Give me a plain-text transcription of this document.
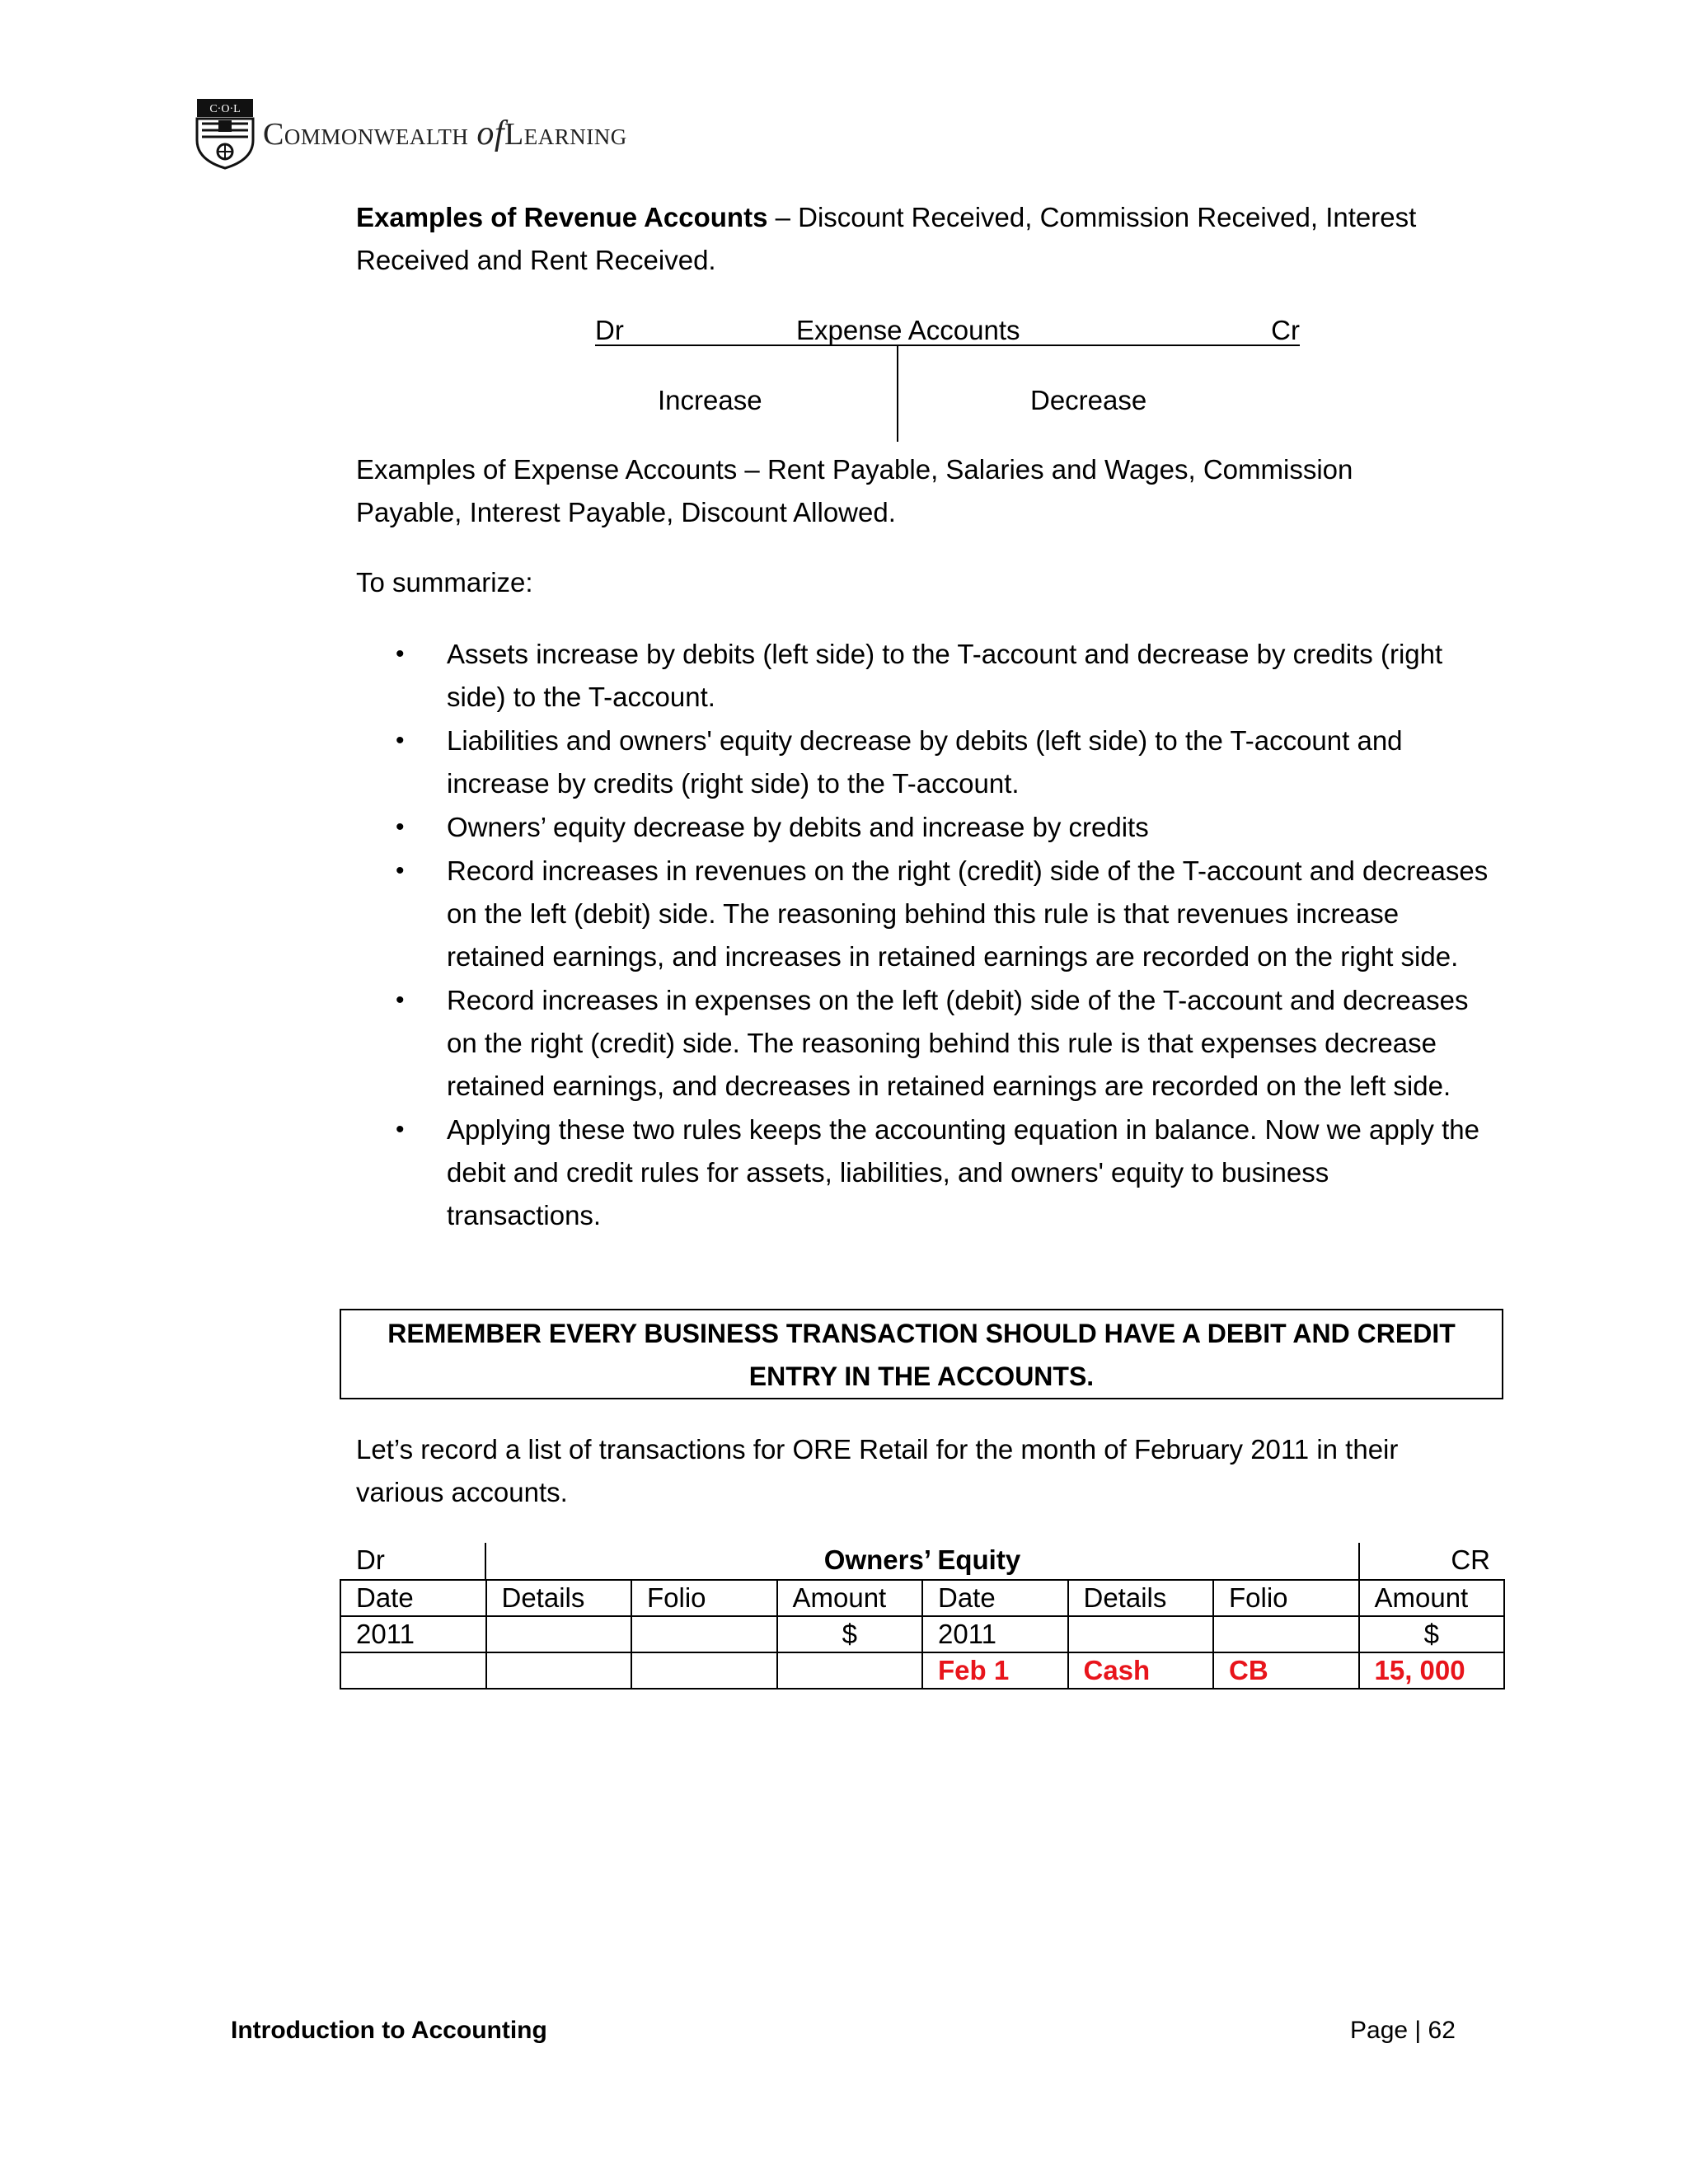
C·O·L
Commonwealth ofLearning
Examples of Revenue Accounts – Discount Received, Commission Received, Interest Received and Rent Received.
Dr	Expense Accounts	Cr
Increase	Decrease
Examples of Expense Accounts – Rent Payable, Salaries and Wages, Commission Payable, Interest Payable, Discount Allowed.
To summarize:
• Assets increase by debits (left side) to the T-account and decrease by credits (right side) to the T-account.
• Liabilities and owners' equity decrease by debits (left side) to the T-account and increase by credits (right side) to the T-account.
• Owners’ equity decrease by debits and increase by credits
• Record increases in revenues on the right (credit) side of the T-account and decreases on the left (debit) side. The reasoning behind this rule is that revenues increase retained earnings, and increases in retained earnings are recorded on the right side.
• Record increases in expenses on the left (debit) side of the T-account and decreases on the right (credit) side. The reasoning behind this rule is that expenses decrease retained earnings, and decreases in retained earnings are recorded on the left side.
• Applying these two rules keeps the accounting equation in balance. Now we apply the debit and credit rules for assets, liabilities, and owners' equity to business transactions.
REMEMBER EVERY BUSINESS TRANSACTION SHOULD HAVE A DEBIT AND CREDIT ENTRY IN THE ACCOUNTS.
Let’s record a list of transactions for ORE Retail for the month of February 2011 in their various accounts.
Dr	Owners’ Equity	CR
Date	Details	Folio	Amount	Date	Details	Folio	Amount
2011			$	2011			$
				Feb 1	Cash	CB	15, 000
Introduction to Accounting	Page | 62
